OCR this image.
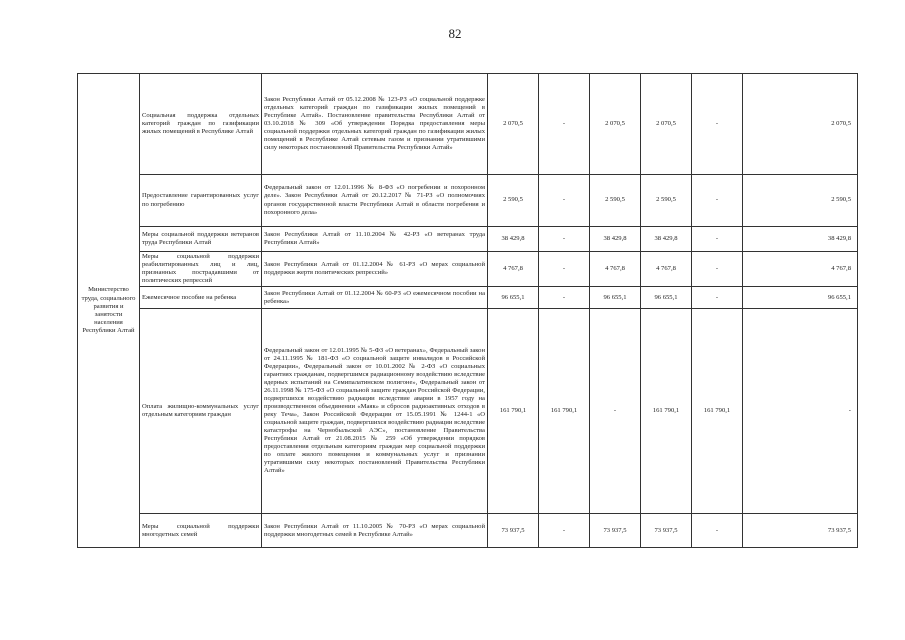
82
Министерство труда, социального развития и занятости населения Республики Алтай	Социальная поддержка отдельных категорий граждан по газификации жилых помещений в Республике Алтай	Закон Республики Алтай от 05.12.2008 № 123-РЗ «О социальной поддержке отдельных категорий граждан по газификации жилых помещений в Республике Алтай». Постановление правительства Республики Алтай от 03.10.2018 № 309 «Об утверждении Порядка предоставления меры социальной поддержки отдельных категорий граждан по газификации жилых помещений в Республике Алтай сетевым газом и признании утратившими силу некоторых постановлений Правительства Республики Алтай»	2 070,5	-	2 070,5	2 070,5	-	2 070,5
	Предоставление гарантированных услуг по погребению	Федеральный закон от 12.01.1996 № 8-ФЗ «О погребении и похоронном деле». Закон Республики Алтай от 20.12.2017 № 71-РЗ «О полномочиях органов государственной власти Республики Алтай в области погребения и похоронного дела»	2 590,5	-	2 590,5	2 590,5	-	2 590,5
	Меры социальной поддержки ветеранов труда Республики Алтай	Закон Республики Алтай от 11.10.2004 № 42-РЗ «О ветеранах труда Республики Алтай»	38 429,8	-	38 429,8	38 429,8	-	38 429,8
	Меры социальной поддержки реабилитированных лиц и лиц, признанных пострадавшими от политических репрессий	Закон Республики Алтай от 01.12.2004 № 61-РЗ «О мерах социальной поддержки жертв политических репрессий»	4 767,8	-	4 767,8	4 767,8	-	4 767,8
	Ежемесячное пособие на ребенка	Закон Республики Алтай от 01.12.2004 № 60-РЗ «О ежемесячном пособии на ребенка»	96 655,1	-	96 655,1	96 655,1	-	96 655,1
	Оплата жилищно-коммунальных услуг отдельным категориям граждан	Федеральный закон от 12.01.1995 № 5-ФЗ «О ветеранах», Федеральный закон от 24.11.1995 № 181-ФЗ «О социальной защите инвалидов в Российской Федерации», Федеральный закон от 10.01.2002 № 2-ФЗ «О социальных гарантиях гражданам, подвергшимся радиационному воздействию вследствие ядерных испытаний на Семипалатинском полигоне», Федеральный закон от 26.11.1998 № 175-ФЗ «О социальной защите граждан Российской Федерации, подвергшихся воздействию радиации вследствие аварии в 1957 году на производственном объединении «Маяк» и сбросов радиоактивных отходов в реку Теча», Закон Российской Федерации от 15.05.1991 № 1244-1 «О социальной защите граждан, подвергшихся воздействию радиации вследствие катастрофы на Чернобыльской АЭС», постановление Правительства Республики Алтай от 21.08.2015 № 259 «Об утверждении порядков предоставления отдельным категориям граждан мер социальной поддержки по оплате жилого помещения и коммунальных услуг и признании утратившими силу некоторых постановлений Правительства Республики Алтай»	161 790,1	161 790,1	-	161 790,1	161 790,1	-
	Меры социальной поддержки многодетных семей	Закон Республики Алтай от 11.10.2005 № 70-РЗ «О мерах социальной поддержки многодетных семей в Республике Алтай»	73 937,5	-	73 937,5	73 937,5	-	73 937,5
